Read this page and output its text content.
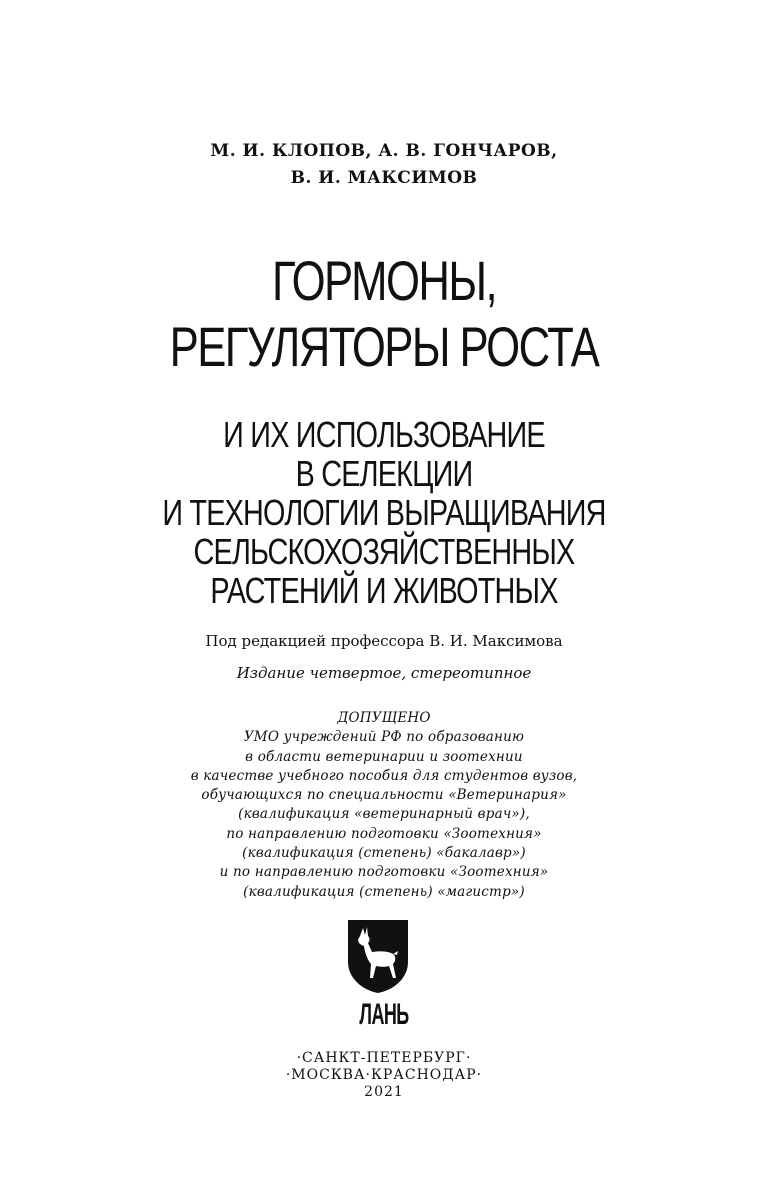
М. И. КЛОПОВ, А. В. ГОНЧАРОВ,
В. И. МАКСИМОВ
ГОРМОНЫ,
РЕГУЛЯТОРЫ РОСТА
И ИХ ИСПОЛЬЗОВАНИЕ
В СЕЛЕКЦИИ
И ТЕХНОЛОГИИ ВЫРАЩИВАНИЯ
СЕЛЬСКОХОЗЯЙСТВЕННЫХ
РАСТЕНИЙ И ЖИВОТНЫХ
Под редакцией профессора В. И. Максимова
Издание четвертое, стереотипное
ДОПУЩЕНО
УМО учреждений РФ по образованию
в области ветеринарии и зоотехнии
в качестве учебного пособия для студентов вузов,
обучающихся по специальности «Ветеринария»
(квалификация «ветеринарный врач»),
по направлению подготовки «Зоотехния»
(квалификация (степень) «бакалавр»)
и по направлению подготовки «Зоотехния»
(квалификация (степень) «магистр»)
ЛАНЬ
·САНКТ-ПЕТЕРБУРГ·
·МОСКВА·КРАСНОДАР·
2021
